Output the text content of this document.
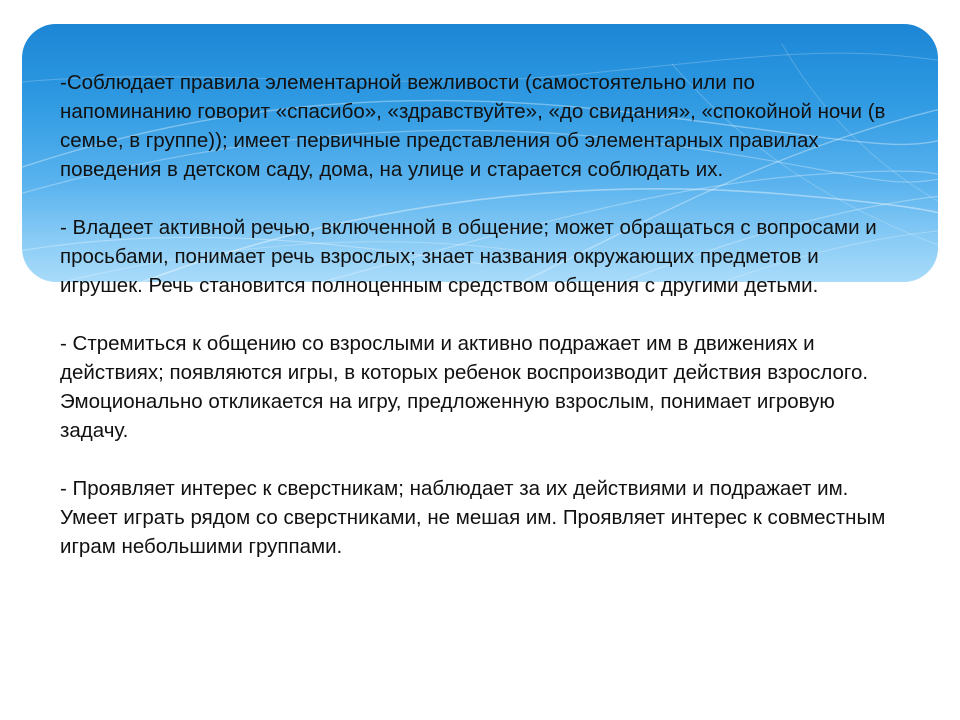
-Соблюдает правила элементарной вежливости (самостоятельно или по напоминанию говорит «спасибо», «здравствуйте», «до свидания», «спокойной ночи (в семье, в группе)); имеет первичные представления об элементарных правилах поведения в детском саду, дома, на улице и старается соблюдать их.

- Владеет активной речью, включенной в общение; может обращаться с вопросами и просьбами, понимает речь взрослых; знает названия окружающих предметов и игрушек. Речь становится полноценным средством общения с другими детьми.

- Стремиться к общению со взрослыми и активно подражает им в движениях и действиях; появляются игры, в которых ребенок воспроизводит действия взрослого. Эмоционально откликается на игру, предложенную взрослым, понимает игровую задачу.

- Проявляет интерес к сверстникам; наблюдает за их действиями и подражает им. Умеет играть рядом со сверстниками, не мешая им. Проявляет интерес к совместным играм небольшими группами.
